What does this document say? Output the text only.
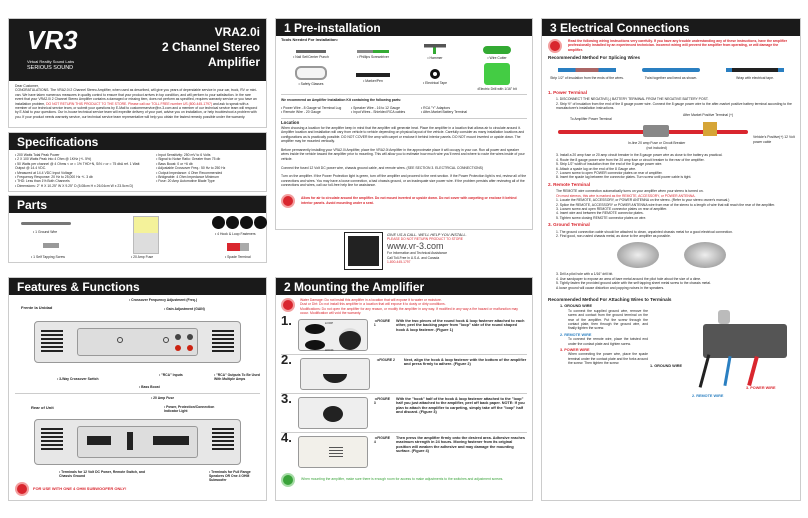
VR3
Virtual Reality Sound Labs
SERIOUS SOUND
VRA2.0i
2 Channel Stereo
Amplifier
Dear Customer,
CONGRATULATIONS. The VRA2.0i 2 Channel Stereo Amplifier, when used as described, will give you years of dependable service in your car, truck, RV or mini-van. We have taken numerous measures in quality control to ensure that your product arrives in top condition, and will perform to your satisfaction. In the rare event that your VRA2.0i 2 Channel Stereo Amplifier contains a damaged or missing item, does not perform as specified, requires warranty service or you have an installation problem, DO NOT RETURN THIS PRODUCT TO THE STORE. Please call our TOLL FREE number US (800-445-1797) and ask to speak with a member of our technical service team, or submit your questions by E-Mail to customerservice@vr-3.com and a member of our technical service team will respond by E-Mail to your questions. Our in-house technical service team will expedite delivery of your part, advise you on installation, or help troubleshoot a problem with you. If your product needs warranty service, our technical service team representative will help you obtain the fastest remedy possible under the warranty.
Specifications
• 200 Watts Total Peak Power
• 2 X 100 Watts Peak into 4 Ohm @ 1KHz (+/- 5%)
• 50 Watts per channel @ 4 Ohms < or = 1% THD+N, S/N > or = 75 dbA ref. 1 Watt Output @ 14.4 VDC.
• Measured at 14.4 VDC Input Voltage
• Frequency Response: 20 Hz to 25,000 Hz +/- 3 db
• THD: Less than 1% Both Channels
• Dimensions: 2" H X 10.25" W X 9.25" D (5.08cm H x 26.04cm W x 23.5cm D)
• Input Sensitivity: 250 mV to 6 Volts
• Signal to Noise Ratio: Greater than 75 db
• Bass Boost: 0 or +6 db
• Adjustable Crossover Freq.: 50 Hz to 250 Hz
• Output Impedance: 4 Ohm Recommended
• Bridgeable: 4 Ohm Impedance Minimum
• Fuse: 20 Amp Automotive Blade Type
Parts
• 1 Ground Wire	• 4 Hook & Loop Fasteners
• 1 Self Tapping Screw	• 20 Amp Fuse	• Spade Terminal
Features & Functions
Frente la Unidad
• Crossover Frequency Adjustment (Freq.)
• Gain Adjustment (GAIN)
• 3-Way Crossover Switch
• Bass Boost
• "RCA" Inputs	• "RCA" Outputs To Be Used With Multiple Amps
Rear of Unit
• 20 Amp Fuse
• Power, Protection/Connection Indicator Light
• Terminals for 12 Volt DC Power, Remote Switch, and Chassis Ground
• Terminals for Full Range Speakers OR One 4 OHM Subwoofer
FOR USE WITH ONE 4 OHM SUBWOOFER ONLY!
1 Pre-installation
Tools Needed For Installation:
• Nail Set/Center Punch	• Phillips Screwdriver	• Hammer	• Wire Cutter
• Safety Glasses
• Marker/Pen	• Electrical Tape
•Electric Drill with 1/16" bit
We recommend an Amplifier Installation Kit containing the following parts:
• Power Wire - 8 Gauge w/ Terminal Lug	• Speaker Wire - 16 to 12 Gauge	• RCA "Y" Adaptors
• Remote Wire - 20 Gauge	• Input Wires - Shielded RCA cables	• After-Market Battery Terminal
Location

When choosing a location for the amplifier keep in mind that the amplifier will generate heat. Place the amplifier in a location that allows air to circulate around it. Amplifier location and installation will vary from vehicle to vehicle depending on physical layout of the vehicle. Carefully consider as many installation locations and configurations as is practically possible. DO NOT COVER the amp with carpet or enclose it behind interior panels. DO NOT mount inverted or upside down. The amplifier may be mounted vertically.

Before permanently installing your VRA2.0i Amplifier, place the VRA2.0i Amplifier in the approximate place it will occupy in your car. Run all power and speaker wires inside the vehicle toward the amplifier prior to mounting. This will allow you to estimate how much wire you'll need and where to route the wires inside of your vehicle.

Connect the fused 12 Volt DC power wire, chassis ground cable, and remote wires. (SEE SECTION 3. ELECTRICAL CONNECTIONS)

Turn on the amplifier. If the Power Protection light is green, turn off the amplifier and proceed to the next section. If the Power Protection light is red, review all of the connections and wires. You may have a loose connection, a bad chassis ground, or an inadequate size power wire. If the problem persists after reviewing all of the connections and wires, call our toll-free help line for assistance.

Allow for air to circulate around the amplifier. Do not mount inverted or upside down. Do not cover with carpeting or enclose it behind interior panels. Avoid mounting under a seat.
GIVE US A CALL. WE'LL HELP YOU INSTALL.
PLEASE DO NOT RETURN PRODUCT TO STORE
www.vr-3.com
For Information and Technical Assistance
Call Toll-Free in U.S.A. and Canada
1-800-445-1797
2 Mounting the Amplifier
Water Damage: Do not install this amplifier in a location that will expose it to water or moisture.
Dust or Dirt: Do not install this amplifier in a location that will expose it to dusty or dirty conditions.
Modifications: Do not open the amplifier for any reason, or modify the amplifier in any way. If modified in any way a fire hazard or malfunction may occur. Modification will void the warranty.
1.	LOOP
HOOK
◄FIGURE 1
With the two pieces of the round hook & loop fastener attached to each other, peel the backing paper from "loop" side of the round shaped hook & loop fastener. (Figure 1)
2.	◄FIGURE 2	Next, align the hook & loop fastener with the bottom of the amplifier and press firmly to adhere. (Figure 2)
3.	◄FIGURE 3
With the "hook" half of the hook & loop fastener attached to the "loop" half you just attached to the amplifier, peel off back paper. NOTE: If you plan to attach the amplifier to carpeting, simply take off the "loop" half and discard. (Figure 3)
4.	◄FIGURE 4
Then press the amplifier firmly onto the desired area. Adhesive reaches maximum strength in 24 hours. Moving fastener from its original position will weaken the adhesive and may damage the mounting surface. (Figure 4)
When mounting the amplifier, make sure there is enough room for access to make adjustments to the switches and adjustment screws.
3 Electrical Connections
Read the following wiring instructions very carefully. If you have any trouble understanding any of these instructions, have the amplifier professionally installed by an experienced technician. Incorrect wiring will prevent the amplifier from operating, or will damage the amplifier.
Recommended Method For Splicing Wires
Strip 1/2" of insulation from the ends of the wires.	Twist together and bend as shown.	Wrap with electrical tape.
1. Power Terminal
1. DISCONNECT THE NEGATIVE(-) BATTERY TERMINAL FROM THE NEGATIVE BATTERY POST.
2. Strip ½" of insulation from the end of the 8 gauge power wire. Connect the 8 gauge power wire to the after-market positive battery terminal according to the manufacturer's installation instructions.
To Amplifier Power Terminal
After Market Positive Terminal (+)
In-line 20 amp Fuse or Circuit Breaker
(not included)
Vehicle's Positive(+) 12 Volt power cable
3. Install a 20 amp fuse or 20 amp circuit breaker in the 8 gauge power wire as close to the battery as practical.
4. Route the 8 gauge power wire from the 20 amp fuse or circuit breaker to the rear of the amplifier.
5. Strip 1/2" width of insulation from the end of the 8 gauge power wire.
6. Attach a spade lug on the end of the 8 Gauge wire.
7. Loosen screw to open POWER connector plates on rear of amplifier.
8. Insert the spade lug between the connector plates. Turn screw until power cable is tight.
2. Remote Terminal
The REMOTE wire connection automatically turns on your amplifier when your stereo is turned on.
On most stereos, this wire is marked as the REMOTE, ACCESSORY, or POWER ANTENNA.
1. Locate the REMOTE, ACCESSORY, or POWER ANTENNA on the stereo. (Refer to your stereo owner's manual.)
2. Splice the REMOTE, ACCESSORY or POWER ANTENNA wire from rear of the stereo to a length of wire that will reach the rear of the amplifier.
3. Loosen screw and open REMOTE connector plates on rear of amplifier.
4. Insert wire and between the REMOTE connector plates.
5. Tighten screw closing REMOTE connector plates on wire.
3. Ground Terminal
1. The ground connection cable should be attached to clean, unpainted chassis metal for a good electrical connection.
2. Find good, non-rusted chassis metal, as close to the amplifier as possible.
3. Drill a pilot hole with a 1/16" drill bit.
4. Use sandpaper to expose an area of bare metal around the pilot hole about the size of a dime.
5. Tightly fasten the provided ground cable with the self tapping sheet metal screw to the chassis metal.
A loose ground will cause distortion and popping noises in the speakers.
Recommended Method For Attaching Wires to Terminals
1. GROUND WIRE
To connect the supplied ground wire, remove the screw and contact from the ground terminal on the rear of the amplifier. Put the screw through the contact plate, then through the ground wire, and finally tighten the screw.
2. REMOTE WIRE
To connect the remote wire, place the twisted end under the contact plate and tighten screw.
3. POWER WIRE
When connecting the power wire, place the spade terminal under the contact plate and the forks around the screw. Then tighten the screw.
1. GROUND WIRE
2. REMOTE WIRE
3. POWER WIRE
